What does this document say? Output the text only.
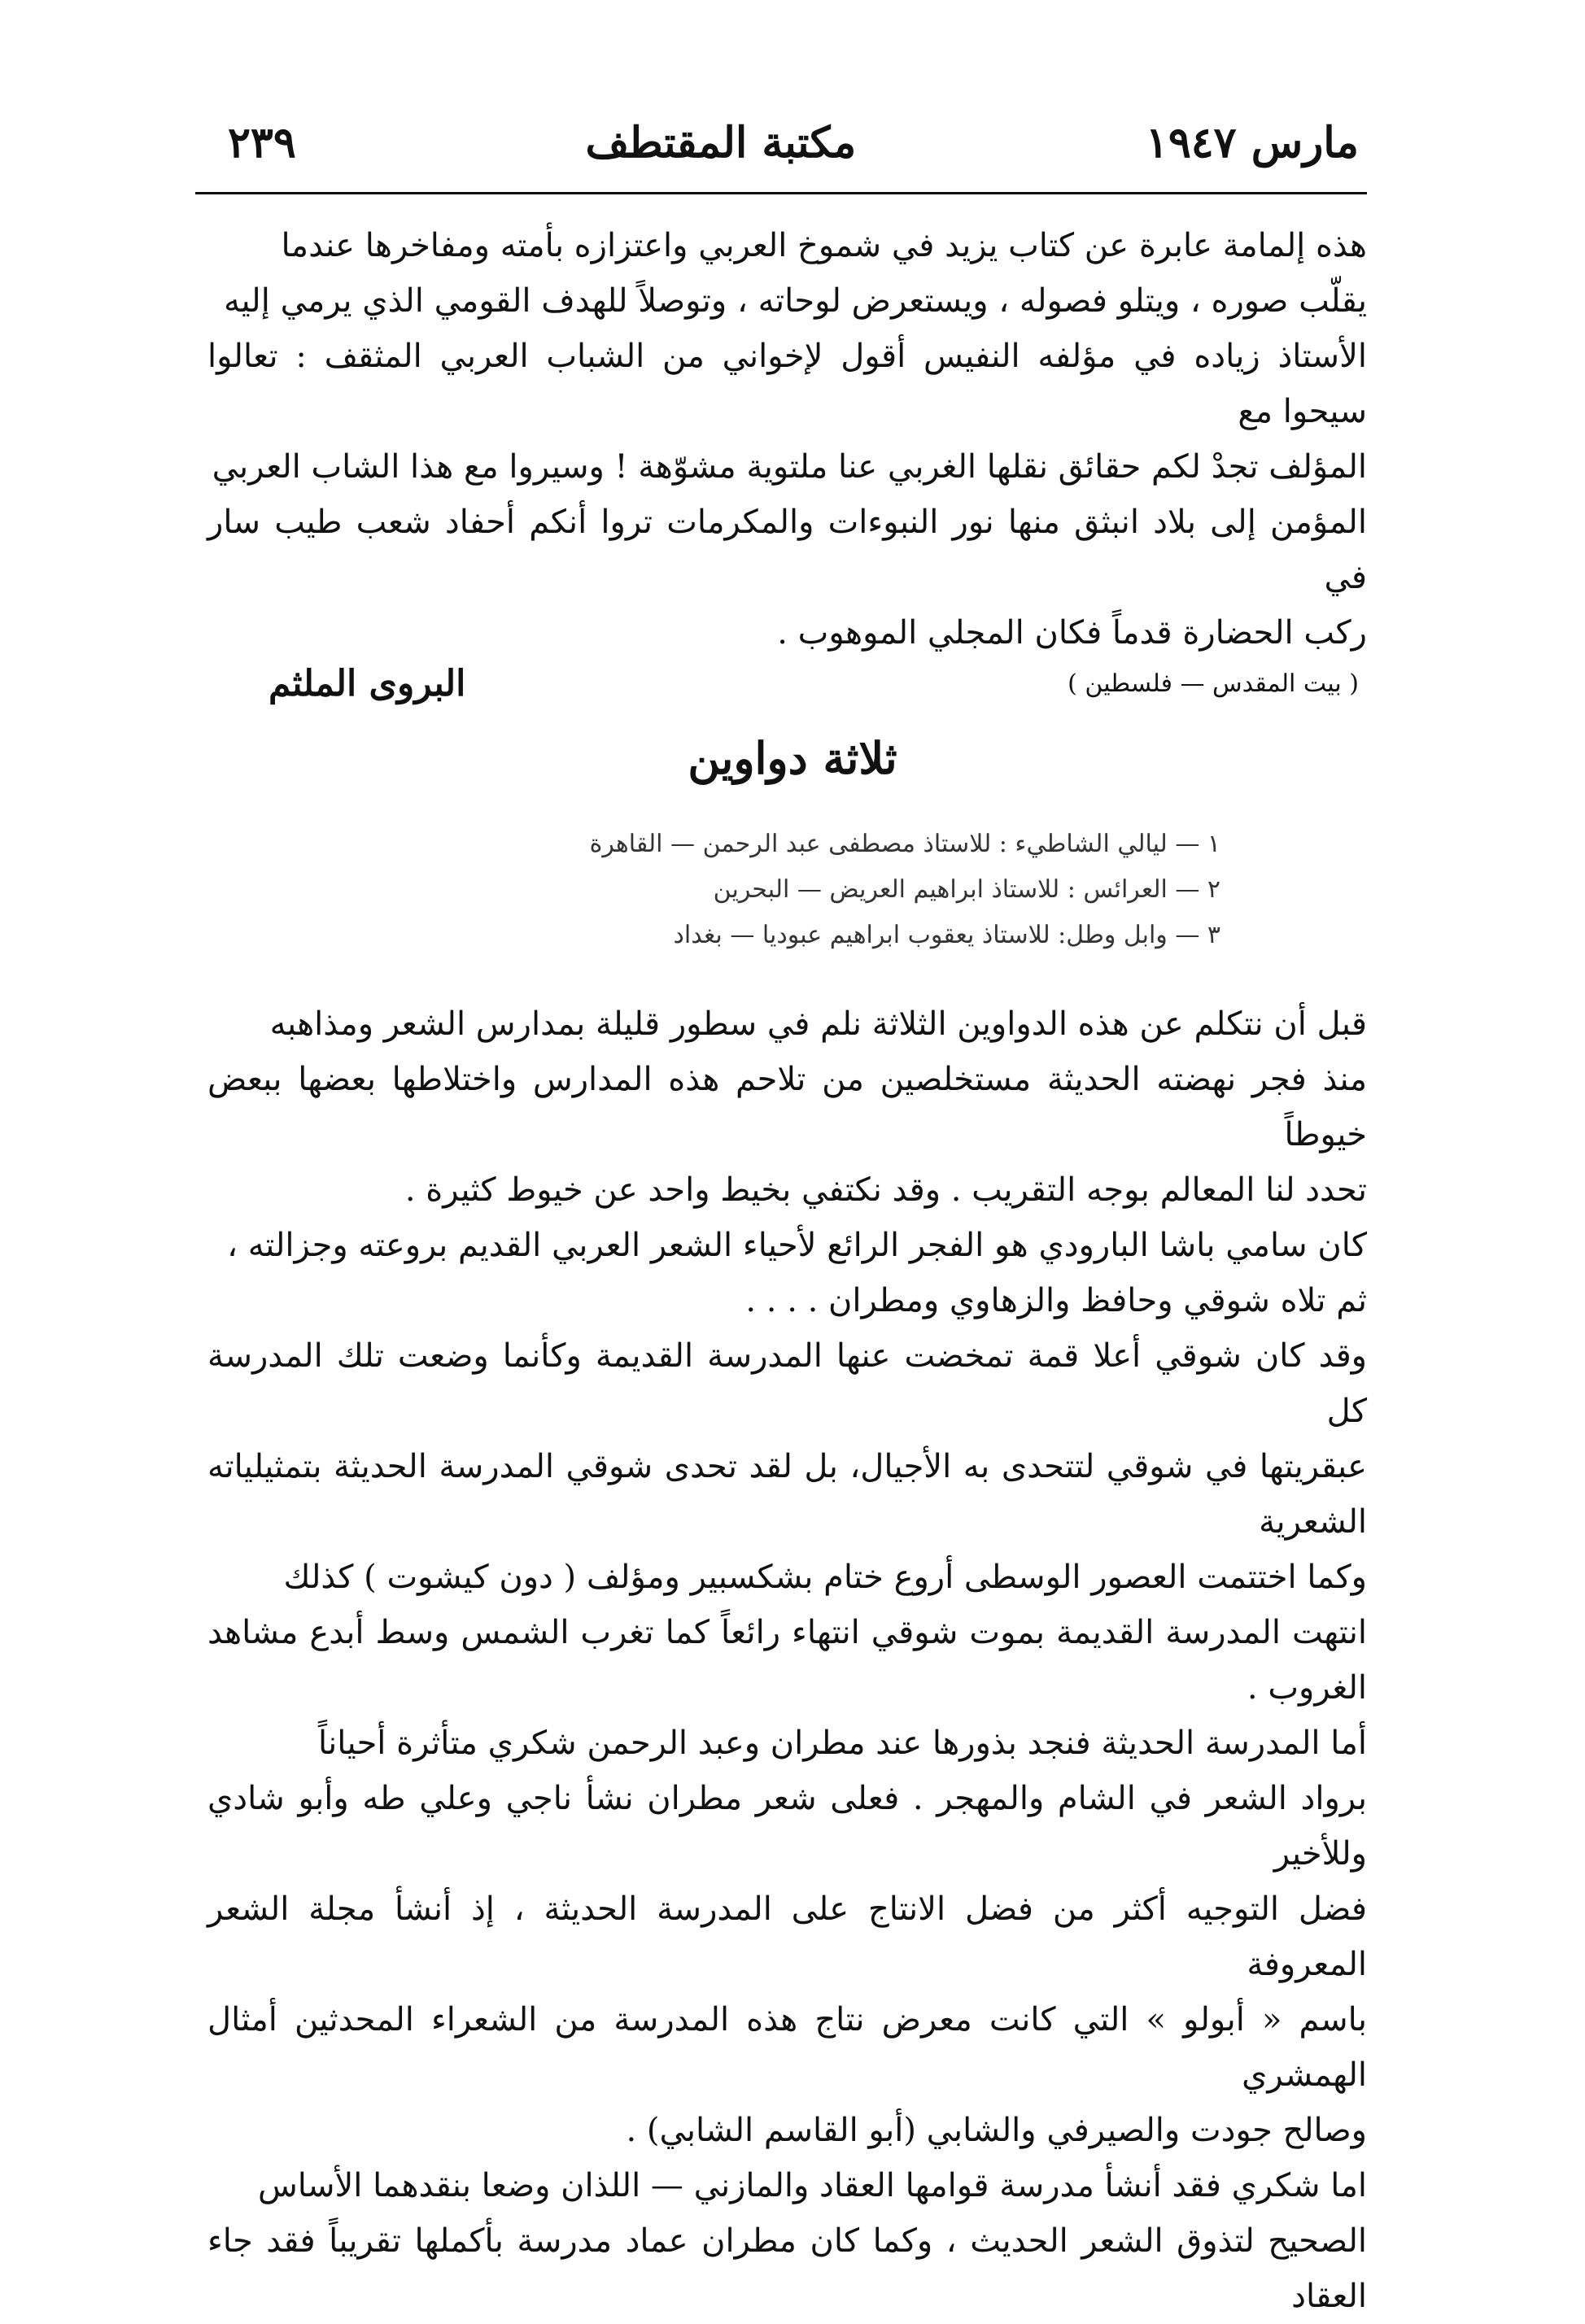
مارس ١٩٤٧
مكتبة المقتطف
٢٣٩

هذه إلمامة عابرة عن كتاب يزيد في شموخ العربي واعتزازه بأمته ومفاخرها عندما

يقلّب صوره ، ويتلو فصوله ، ويستعرض لوحاته ، وتوصلاً للهدف القومي الذي يرمي إليه

الأستاذ زياده في مؤلفه النفيس أقول لإخواني من الشباب العربي المثقف : تعالوا سيحوا مع

المؤلف تجدْ لكم حقائق نقلها الغربي عنا ملتوية مشوّهة ! وسيروا مع هذا الشاب العربي

المؤمن إلى بلاد انبثق منها نور النبوءات والمكرمات تروا أنكم أحفاد شعب طيب سار في

ركب الحضارة قدماً فكان المجلي الموهوب .

( بيت المقدس — فلسطين )
البروى الملثم
ثلاثة دواوين
١ — ليالي الشاطيء : للاستاذ مصطفى عبد الرحمن — القاهرة
٢ — العرائس : للاستاذ ابراهيم العريض — البحرين
٣ — وابل وطل: للاستاذ يعقوب ابراهيم عبوديا — بغداد

قبل أن نتكلم عن هذه الدواوين الثلاثة نلم في سطور قليلة بمدارس الشعر ومذاهبه

منذ فجر نهضته الحديثة مستخلصين من تلاحم هذه المدارس واختلاطها بعضها ببعض خيوطاً

تحدد لنا المعالم بوجه التقريب . وقد نكتفي بخيط واحد عن خيوط كثيرة .

كان سامي باشا البارودي هو الفجر الرائع لأحياء الشعر العربي القديم بروعته وجزالته ،

ثم تلاه شوقي وحافظ والزهاوي ومطران . . . .

وقد كان شوقي أعلا قمة تمخضت عنها المدرسة القديمة وكأنما وضعت تلك المدرسة كل

عبقريتها في شوقي لتتحدى به الأجيال، بل لقد تحدى شوقي المدرسة الحديثة بتمثيلياته الشعرية

وكما اختتمت العصور الوسطى أروع ختام بشكسبير ومؤلف ( دون كيشوت ) كذلك

انتهت المدرسة القديمة بموت شوقي انتهاء رائعاً كما تغرب الشمس وسط أبدع مشاهد الغروب .

أما المدرسة الحديثة فنجد بذورها عند مطران وعبد الرحمن شكري متأثرة أحياناً

برواد الشعر في الشام والمهجر . فعلى شعر مطران نشأ ناجي وعلي طه وأبو شادي وللأخير

فضل التوجيه أكثر من فضل الانتاج على المدرسة الحديثة ، إذ أنشأ مجلة الشعر المعروفة

باسم « أبولو » التي كانت معرض نتاج هذه المدرسة من الشعراء المحدثين أمثال الهمشري

وصالح جودت والصيرفي والشابي (أبو القاسم الشابي) .

اما شكري فقد أنشأ مدرسة قوامها العقاد والمازني — اللذان وضعا بنقدهما الأساس

الصحيح لتذوق الشعر الحديث ، وكما كان مطران عماد مدرسة بأكملها تقريباً فقد جاء العقاد
